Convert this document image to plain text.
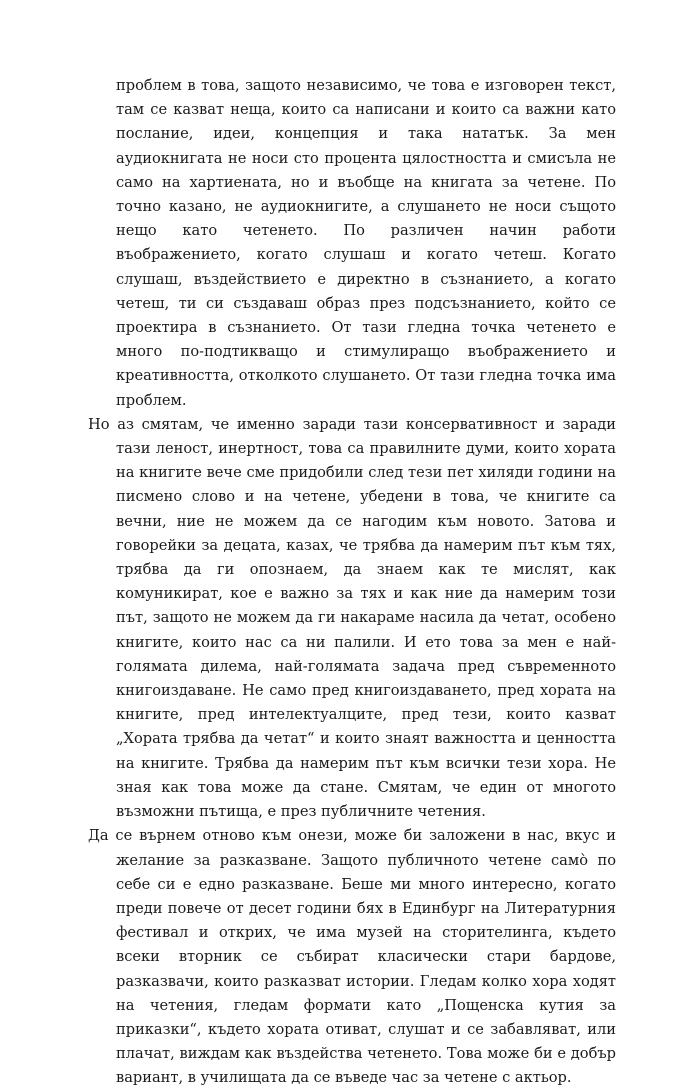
проблем в това, защото независимо, че това е изговорен текст, там се казват неща, които са написани и които са важни като послание, идеи, концепция и така нататък. За мен аудиокнигата не носи сто процента цялостността и смисъла не само на хартиената, но и въобще на книгата за четене. По точно казано, не аудиокнигите, а слушането не носи същото нещо като четенето. По различен начин работи въображението, когато слушаш и когато четеш. Когато слушаш, въздействието е директно в съзнанието, а когато четеш, ти си създаваш образ през подсъзнанието, който се проектира в съзнанието. От тази гледна точка четенето е много по-подтикващо и стимулиращо въображението и креативността, отколкото слушането. От тази гледна точка има проблем.

Но аз смятам, че именно заради тази консервативност и заради тази леност, инертност, това са правилните думи, които хората на книгите вече сме придобили след тези пет хиляди години на писмено слово и на четене, убедени в това, че книгите са вечни, ние не можем да се нагодим към новото. Затова и говорейки за децата, казах, че трябва да намерим път към тях, трябва да ги опознаем, да знаем как те мислят, как комуникират, кое е важно за тях и как ние да намерим този път, защото не можем да ги накараме насила да четат, особено книгите, които нас са ни палили. И ето това за мен е най-голямата дилема, най-голямата задача пред съвременното книгоиздаване. Не само пред книгоиздаването, пред хората на книгите, пред интелектуалците, пред тези, които казват „Хората трябва да четат“ и които знаят важността и ценността на книгите. Трябва да намерим път към всички тези хора. Не зная как това може да стане. Смятам, че един от многото възможни пътища, е през публичните четения.

Да се върнем отново към онези, може би заложени в нас, вкус и желание за разказване. Защото публичното четене само̀ по себе си е едно разказване. Беше ми много интересно, когато преди повече от десет години бях в Единбург на Литературния фестивал и открих, че има музей на сторителинга, където всеки вторник се събират класически стари бардове, разказвачи, които разказват истории. Гледам колко хора ходят на четения, гледам формати като „Пощенска кутия за приказки“, където хората отиват, слушат и се забавляват, или плачат, виждам как въздейства четенето. Това може би е добър вариант, в училищата да се въведе час за четене с актьор.
